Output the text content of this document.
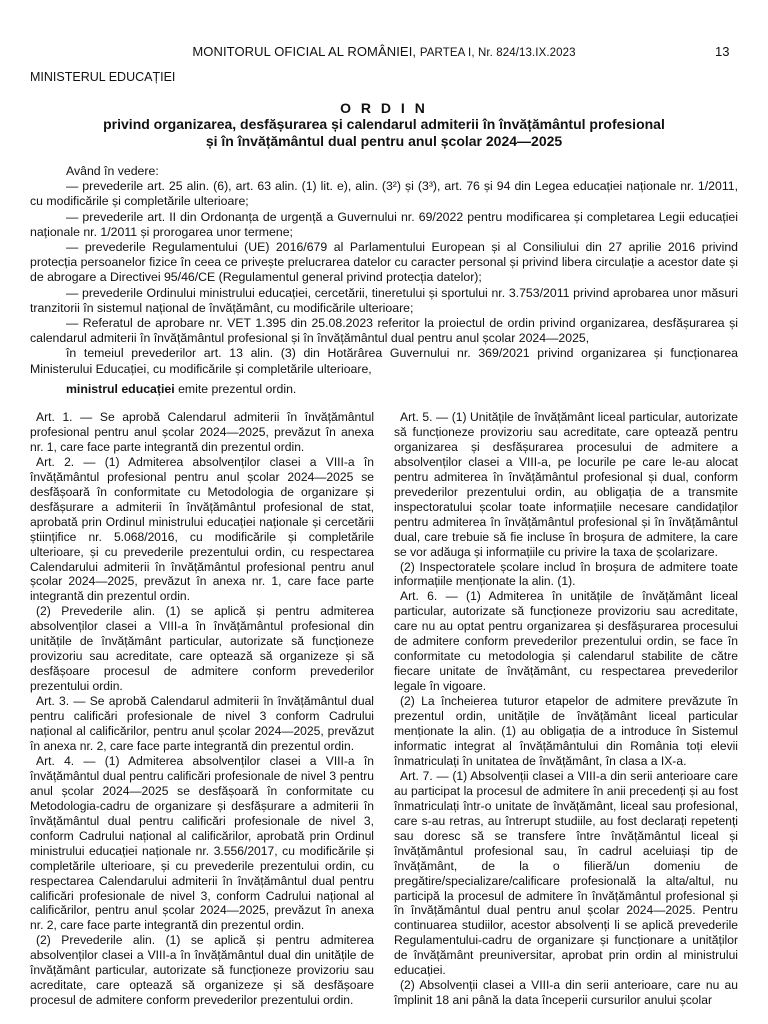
MONITORUL OFICIAL AL ROMÂNIEI, PARTEA I, Nr. 824/13.IX.2023	13
MINISTERUL EDUCAȚIEI
O R D I N
privind organizarea, desfășurarea și calendarul admiterii în învățământul profesional
și în învățământul dual pentru anul școlar 2024—2025

Având în vedere:

— prevederile art. 25 alin. (6), art. 63 alin. (1) lit. e), alin. (3²) și (3³), art. 76 și 94 din Legea educației naționale nr. 1/2011, cu modificările și completările ulterioare;

— prevederile art. II din Ordonanța de urgență a Guvernului nr. 69/2022 pentru modificarea și completarea Legii educației naționale nr. 1/2011 și prorogarea unor termene;

— prevederile Regulamentului (UE) 2016/679 al Parlamentului European și al Consiliului din 27 aprilie 2016 privind protecția persoanelor fizice în ceea ce privește prelucrarea datelor cu caracter personal și privind libera circulație a acestor date și de abrogare a Directivei 95/46/CE (Regulamentul general privind protecția datelor);

— prevederile Ordinului ministrului educației, cercetării, tineretului și sportului nr. 3.753/2011 privind aprobarea unor măsuri tranzitorii în sistemul național de învățământ, cu modificările ulterioare;

— Referatul de aprobare nr. VET 1.395 din 25.08.2023 referitor la proiectul de ordin privind organizarea, desfășurarea și calendarul admiterii în învățământul profesional și în învățământul dual pentru anul școlar 2024—2025,

în temeiul prevederilor art. 13 alin. (3) din Hotărârea Guvernului nr. 369/2021 privind organizarea și funcționarea Ministerului Educației, cu modificările și completările ulterioare,

ministrul educației emite prezentul ordin.

Art. 1. — Se aprobă Calendarul admiterii în învățământul profesional pentru anul școlar 2024—2025, prevăzut în anexa nr. 1, care face parte integrantă din prezentul ordin.

Art. 2. — (1) Admiterea absolvenților clasei a VIII-a în învățământul profesional pentru anul școlar 2024—2025 se desfășoară în conformitate cu Metodologia de organizare și desfășurare a admiterii în învățământul profesional de stat, aprobată prin Ordinul ministrului educației naționale și cercetării științifice nr. 5.068/2016, cu modificările și completările ulterioare, și cu prevederile prezentului ordin, cu respectarea Calendarului admiterii în învățământul profesional pentru anul școlar 2024—2025, prevăzut în anexa nr. 1, care face parte integrantă din prezentul ordin.

(2) Prevederile alin. (1) se aplică și pentru admiterea absolvenților clasei a VIII-a în învățământul profesional din unitățile de învățământ particular, autorizate să funcționeze provizoriu sau acreditate, care optează să organizeze și să desfășoare procesul de admitere conform prevederilor prezentului ordin.

Art. 3. — Se aprobă Calendarul admiterii în învățământul dual pentru calificări profesionale de nivel 3 conform Cadrului național al calificărilor, pentru anul școlar 2024—2025, prevăzut în anexa nr. 2, care face parte integrantă din prezentul ordin.

Art. 4. — (1) Admiterea absolvenților clasei a VIII-a în învățământul dual pentru calificări profesionale de nivel 3 pentru anul școlar 2024—2025 se desfășoară în conformitate cu Metodologia-cadru de organizare și desfășurare a admiterii în învățământul dual pentru calificări profesionale de nivel 3, conform Cadrului național al calificărilor, aprobată prin Ordinul ministrului educației naționale nr. 3.556/2017, cu modificările și completările ulterioare, și cu prevederile prezentului ordin, cu respectarea Calendarului admiterii în învățământul dual pentru calificări profesionale de nivel 3, conform Cadrului național al calificărilor, pentru anul școlar 2024—2025, prevăzut în anexa nr. 2, care face parte integrantă din prezentul ordin.

(2) Prevederile alin. (1) se aplică și pentru admiterea absolvenților clasei a VIII-a în învățământul dual din unitățile de învățământ particular, autorizate să funcționeze provizoriu sau acreditate, care optează să organizeze și să desfășoare procesul de admitere conform prevederilor prezentului ordin.

Art. 5. — (1) Unitățile de învățământ liceal particular, autorizate să funcționeze provizoriu sau acreditate, care optează pentru organizarea și desfășurarea procesului de admitere a absolvenților clasei a VIII-a, pe locurile pe care le-au alocat pentru admiterea în învățământul profesional și dual, conform prevederilor prezentului ordin, au obligația de a transmite inspectoratului școlar toate informațiile necesare candidaților pentru admiterea în învățământul profesional și în învățământul dual, care trebuie să fie incluse în broșura de admitere, la care se vor adăuga și informațiile cu privire la taxa de școlarizare.

(2) Inspectoratele școlare includ în broșura de admitere toate informațiile menționate la alin. (1).

Art. 6. — (1) Admiterea în unitățile de învățământ liceal particular, autorizate să funcționeze provizoriu sau acreditate, care nu au optat pentru organizarea și desfășurarea procesului de admitere conform prevederilor prezentului ordin, se face în conformitate cu metodologia și calendarul stabilite de către fiecare unitate de învățământ, cu respectarea prevederilor legale în vigoare.

(2) La încheierea tuturor etapelor de admitere prevăzute în prezentul ordin, unitățile de învățământ liceal particular menționate la alin. (1) au obligația de a introduce în Sistemul informatic integrat al învățământului din România toți elevii înmatriculați în unitatea de învățământ, în clasa a IX-a.

Art. 7. — (1) Absolvenții clasei a VIII-a din serii anterioare care au participat la procesul de admitere în anii precedenți și au fost înmatriculați într-o unitate de învățământ, liceal sau profesional, care s-au retras, au întrerupt studiile, au fost declarați repetenți sau doresc să se transfere între învățământul liceal și învățământul profesional sau, în cadrul aceluiași tip de învățământ, de la o filieră/un domeniu de pregătire/specializare/calificare profesională la alta/altul, nu participă la procesul de admitere în învățământul profesional și în învățământul dual pentru anul școlar 2024—2025. Pentru continuarea studiilor, acestor absolvenți li se aplică prevederile Regulamentului-cadru de organizare și funcționare a unităților de învățământ preuniversitar, aprobat prin ordin al ministrului educației.

(2) Absolvenții clasei a VIII-a din serii anterioare, care nu au împlinit 18 ani până la data începerii cursurilor anului școlar
